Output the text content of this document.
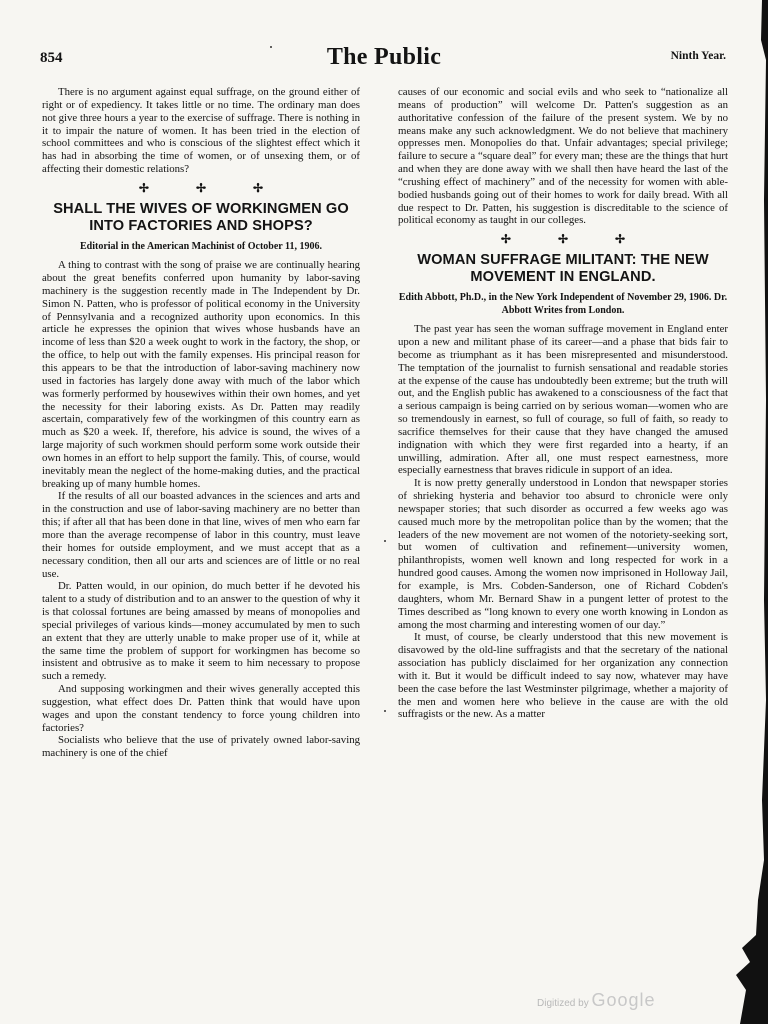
854	The Public	Ninth Year.

There is no argument against equal suffrage, on the ground either of right or of expediency. It takes little or no time. The ordinary man does not give three hours a year to the exercise of suffrage. There is nothing in it to impair the nature of women. It has been tried in the election of school committees and who is conscious of the slightest effect which it has had in absorbing the time of women, or of unsexing them, or of affecting their domestic relations?

✢ ✢ ✢
SHALL THE WIVES OF WORKINGMEN GO INTO FACTORIES AND SHOPS?
Editorial in the American Machinist of October 11, 1906.

A thing to contrast with the song of praise we are continually hearing about the great benefits conferred upon humanity by labor-saving machinery is the suggestion recently made in The Independent by Dr. Simon N. Patten, who is professor of political economy in the University of Pennsylvania and a recognized authority upon economics. In this article he expresses the opinion that wives whose husbands have an income of less than $20 a week ought to work in the factory, the shop, or the office, to help out with the family expenses. His principal reason for this appears to be that the introduction of labor-saving machinery now used in factories has largely done away with much of the labor which was formerly performed by housewives within their own homes, and yet the necessity for their laboring exists. As Dr. Patten may readily ascertain, comparatively few of the workingmen of this country earn as much as $20 a week. If, therefore, his advice is sound, the wives of a large majority of such workmen should perform some work outside their own homes in an effort to help support the family. This, of course, would inevitably mean the neglect of the home-making duties, and the practical breaking up of many humble homes.

If the results of all our boasted advances in the sciences and arts and in the construction and use of labor-saving machinery are no better than this; if after all that has been done in that line, wives of men who earn far more than the average recompense of labor in this country, must leave their homes for outside employment, and we must accept that as a necessary condition, then all our arts and sciences are of little or no real use.

Dr. Patten would, in our opinion, do much better if he devoted his talent to a study of distribution and to an answer to the question of why it is that colossal fortunes are being amassed by means of monopolies and special privileges of various kinds—money accumulated by men to such an extent that they are utterly unable to make proper use of it, while at the same time the problem of support for workingmen has become so insistent and obtrusive as to make it seem to him necessary to propose such a remedy.

And supposing workingmen and their wives generally accepted this suggestion, what effect does Dr. Patten think that would have upon wages and upon the constant tendency to force young children into factories?

Socialists who believe that the use of privately owned labor-saving machinery is one of the chief

causes of our economic and social evils and who seek to “nationalize all means of production” will welcome Dr. Patten's suggestion as an authoritative confession of the failure of the present system. We by no means make any such acknowledgment. We do not believe that machinery oppresses men. Monopolies do that. Unfair advantages; special privilege; failure to secure a “square deal” for every man; these are the things that hurt and when they are done away with we shall then have heard the last of the “crushing effect of machinery” and of the necessity for women with able-bodied husbands going out of their homes to work for daily bread. With all due respect to Dr. Patten, his suggestion is discreditable to the science of political economy as taught in our colleges.

✢ ✢ ✢
WOMAN SUFFRAGE MILITANT: THE NEW MOVEMENT IN ENGLAND.
Edith Abbott, Ph.D., in the New York Independent of November 29, 1906. Dr. Abbott Writes from London.

The past year has seen the woman suffrage movement in England enter upon a new and militant phase of its career—and a phase that bids fair to become as triumphant as it has been misrepresented and misunderstood. The temptation of the journalist to furnish sensational and readable stories at the expense of the cause has undoubtedly been extreme; but the truth will out, and the English public has awakened to a consciousness of the fact that a serious campaign is being carried on by serious woman—women who are so tremendously in earnest, so full of courage, so full of faith, so ready to sacrifice themselves for their cause that they have changed the amused indignation with which they were first regarded into a hearty, if an unwilling, admiration. After all, one must respect earnestness, more especially earnestness that braves ridicule in support of an idea.

It is now pretty generally understood in London that newspaper stories of shrieking hysteria and behavior too absurd to chronicle were only newspaper stories; that such disorder as occurred a few weeks ago was caused much more by the metropolitan police than by the women; that the leaders of the new movement are not women of the notoriety-seeking sort, but women of cultivation and refinement—university women, philanthropists, women well known and long respected for work in a hundred good causes. Among the women now imprisoned in Holloway Jail, for example, is Mrs. Cobden-Sanderson, one of Richard Cobden's daughters, whom Mr. Bernard Shaw in a pungent letter of protest to the Times described as “long known to every one worth knowing in London as among the most charming and interesting women of our day.”

It must, of course, be clearly understood that this new movement is disavowed by the old-line suffragists and that the secretary of the national association has publicly disclaimed for her organization any connection with it. But it would be difficult indeed to say now, whatever may have been the case before the last Westminster pilgrimage, whether a majority of the men and women here who believe in the cause are with the old suffragists or the new. As a matter

Digitized by Google
